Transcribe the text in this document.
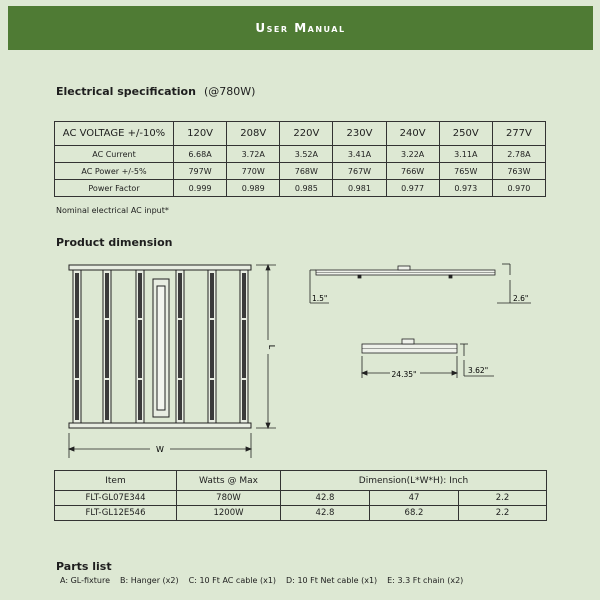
User Manual
Electrical specification (@780W)
AC VOLTAGE +/-10%	120V	208V	220V	230V	240V	250V	277V
AC Current	6.68A	3.72A	3.52A	3.41A	3.22A	3.11A	2.78A
AC Power +/-5%	797W	770W	768W	767W	766W	765W	763W
Power Factor	0.999	0.989	0.985	0.981	0.977	0.973	0.970
Nominal electrical AC input*
Product dimension
W
L
1.5"	2.6"
24.35"	3.62"
Item	Watts @ Max	Dimension(L*W*H): Inch		
FLT-GL07E344	780W	42.8	47	2.2
FLT-GL12E546	1200W	42.8	68.2	2.2
Parts list
A: GL-fixture B: Hanger (x2) C: 10 Ft AC cable (x1) D: 10 Ft Net cable (x1) E: 3.3 Ft chain (x2)
